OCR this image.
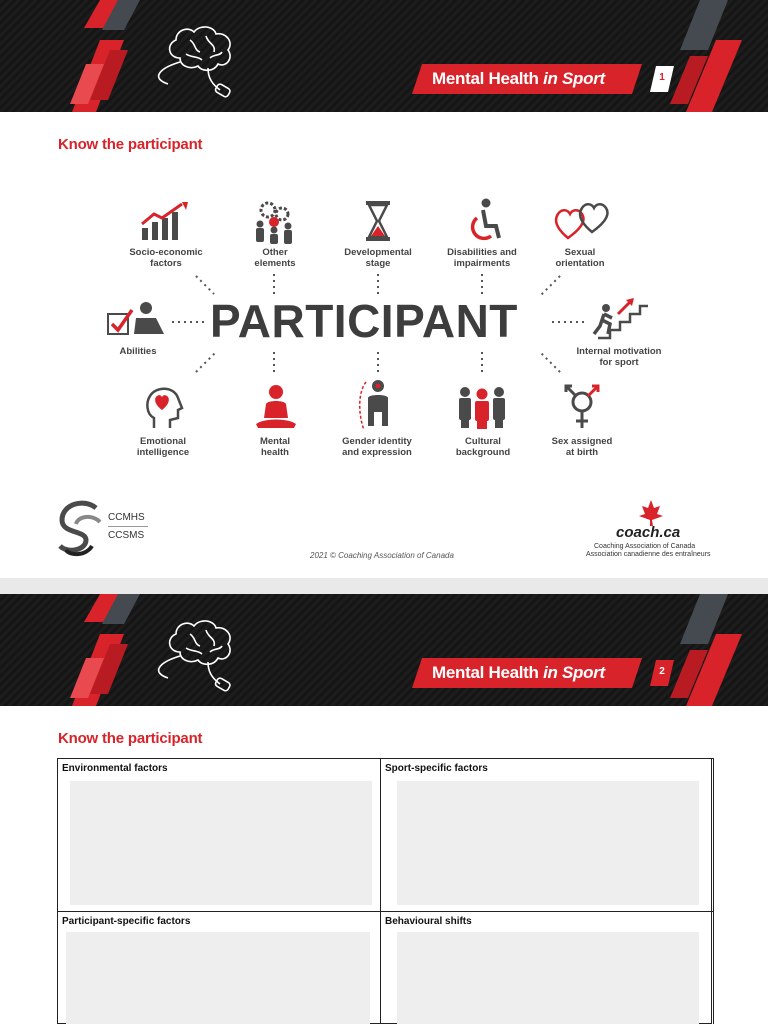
Mental Health in Sport	1
Know the participant
Socio-economic
factors
Other
elements
Developmental
stage
Disabilities and
impairments
Sexual
orientation
Abilities
PARTICIPANT
Internal motivation
for sport
Emotional
intelligence
Mental
health
Gender identity
and expression
Cultural
background
Sex assigned
at birth
CCMHS
CCSMS
2021 © Coaching Association of Canada
coach.ca
Coaching Association of Canada
Association canadienne des entraîneurs
Mental Health in Sport	2
Know the participant
Environmental factors	Sport-specific factors
Participant-specific factors	Behavioural shifts
